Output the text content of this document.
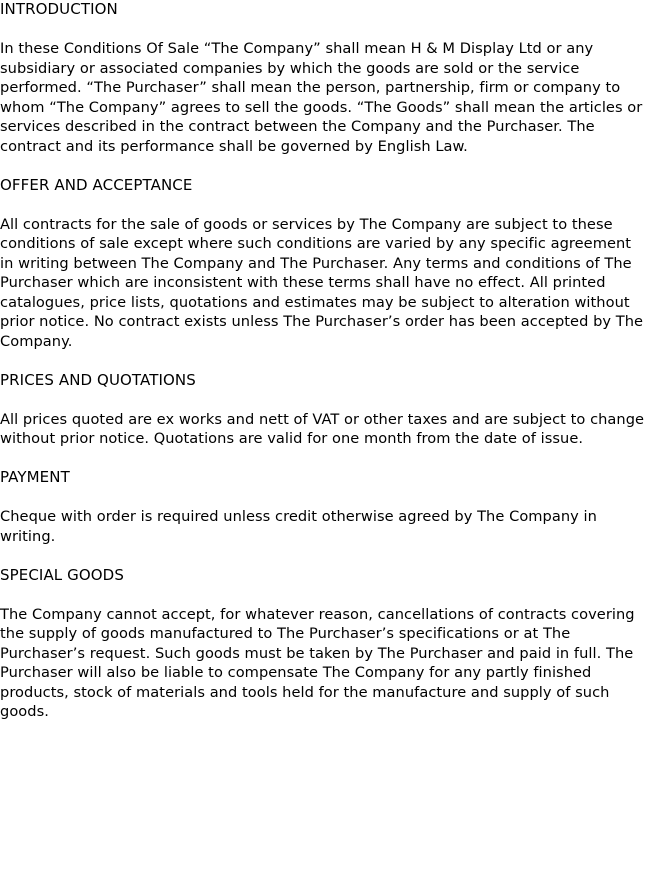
INTRODUCTION
In these Conditions Of Sale “The Company” shall mean H & M Display Ltd or any subsidiary or associated companies by which the goods are sold or the service performed. “The Purchaser” shall mean the person, partnership, firm or company to whom “The Company” agrees to sell the goods. “The Goods” shall mean the articles or services described in the contract between the Company and the Purchaser. The contract and its performance shall be governed by English Law.
OFFER AND ACCEPTANCE
All contracts for the sale of goods or services by The Company are subject to these conditions of sale except where such conditions are varied by any specific agreement in writing between The Company and The Purchaser. Any terms and conditions of The Purchaser which are inconsistent with these terms shall have no effect. All printed catalogues, price lists, quotations and estimates may be subject to alteration without prior notice. No contract exists unless The Purchaser’s order has been accepted by The Company.
PRICES AND QUOTATIONS
All prices quoted are ex works and nett of VAT or other taxes and are subject to change without prior notice. Quotations are valid for one month from the date of issue.
PAYMENT
Cheque with order is required unless credit otherwise agreed by The Company in writing.
SPECIAL GOODS
The Company cannot accept, for whatever reason, cancellations of contracts covering the supply of goods manufactured to The Purchaser’s specifications or at The Purchaser’s request. Such goods must be taken by The Purchaser and paid in full. The Purchaser will also be liable to compensate The Company for any partly finished products, stock of materials and tools held for the manufacture and supply of such goods.
